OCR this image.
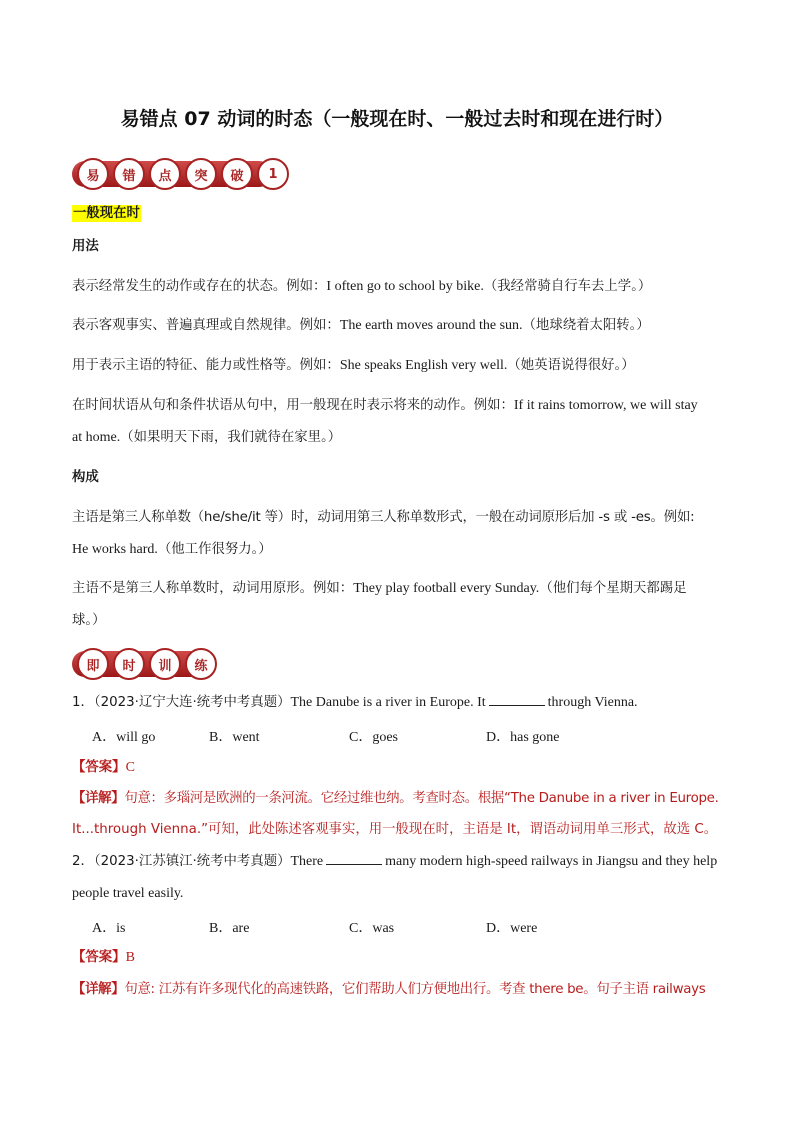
易错点 07 动词的时态（一般现在时、一般过去时和现在进行时）
易	错	点	突	破	1
一般现在时
用法
表示经常发生的动作或存在的状态。例如：I often go to school by bike.（我经常骑自行车去上学。）
表示客观事实、普遍真理或自然规律。例如：The earth moves around the sun.（地球绕着太阳转。）
用于表示主语的特征、能力或性格等。例如：She speaks English very well.（她英语说得很好。）
在时间状语从句和条件状语从句中，用一般现在时表示将来的动作。例如：If it rains tomorrow, we will stay
at home.（如果明天下雨，我们就待在家里。）
构成
主语是第三人称单数（he/she/it 等）时，动词用第三人称单数形式，一般在动词原形后加 -s 或 -es。例如:
He works hard.（他工作很努力。）
主语不是第三人称单数时，动词用原形。例如：They play football every Sunday.（他们每个星期天都踢足
球。）
即	时	训	练
1．（2023·辽宁大连·统考中考真题）The Danube is a river in Europe. It	through Vienna.
A．will go	B．went	C．goes	D．has gone
【答案】C
【详解】句意：多瑙河是欧洲的一条河流。它经过维也纳。考查时态。根据“The Danube in a river in Europe.
It...through Vienna.”可知，此处陈述客观事实，用一般现在时，主语是 It，谓语动词用单三形式，故选 C。
2．（2023·江苏镇江·统考中考真题）There	many modern high-speed railways in Jiangsu and they help
people travel easily.
A．is	B．are	C．was	D．were
【答案】B
【详解】句意: 江苏有许多现代化的高速铁路，它们帮助人们方便地出行。考查 there be。句子主语 railways
